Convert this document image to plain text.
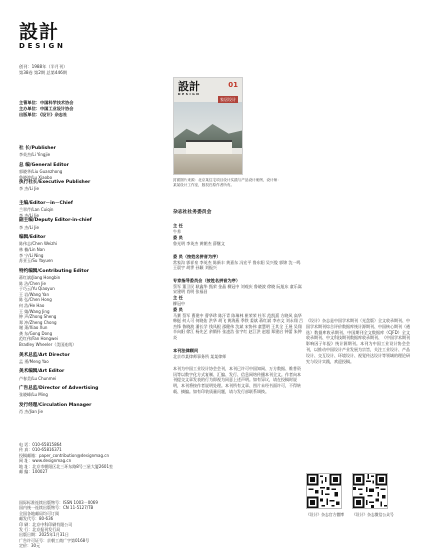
設計
DESIGN
创刊：1988年（半月刊）
第38卷 第2期 总第446期
主管单位：中国科学技术协会
主办单位：中国工业设计协会
出版单位：《设计》杂志社
社 长/Publisher
李英杰/Li Yingjie
总 编/General Editor
郭晓华/Liu Guanzhong
鲁晓波/Lu Xiaobo
执行社长/Executive Publisher
李 杰/Li Jie
主编/Editor－in－Chief
兰翠芹/Lan Cuiqin
李 杰/Li Jie
副主编/Deputy Editor-in-chief
李 杰/Li Jie
编辑/Editor
陈伟志/Chen Weizhi
林 楠/Lin Nan
李 宁/Li Ning
苏亚玉/Su Yayuen
特约编辑/Contributing Editor
蒋红斌/Jiang Hongbin
陈 洁/Chen Jie
于巧云/Yu Qiaoyun
王 岩/Wang Yan
陈 弘/Chen Hong
何 浩/He Hao
王 婧/Wang Jing
钟 声/Zhong Sheng
郑 冲/Zheng Chong
谢 萧/Xiao Xun
龚 东/Gong Dong
范红伟/Fan Hongwei
Bradley Wheeler（美国连线）
美术总监/Art Director
孟 勇/Meng Yao
美术编辑/Art Editor
卢春美/Lu Chunmei
广告总监/Director of Advertising
张晓峰/Lu Ming
发行经理/Circulation Manager
肖 杰/Jian Jie
电 话：010-65815864
传 真：010-65816371
投稿邮箱：paper_contribution@designmag.cn
网 址：www.designmag.cn
地 址：北京市朝阳区北三环东路8号三星大厦2601室
邮 编：100027
国际标准连续出版物号：ISSN 1003－0069
国内统一连续出版物号：CN 11-5127/TB
全国各地邮局均可订阅
邮发代号：80-636
印 刷：北京中科印刷有限公司
发 行：北京报刊发行局
出版日期：2025年1月31日
广告许可证号：京朝工商广字第0168号
定价：30元
設計
DESIGN
01
家居设计
封面图片来源：北京某住宅项目设计实践与产品设计案例，设计师：某某设计工作室，版权归原作者所有。
杂志社社务委员会
主 任
牛养
委 员
鲁光明 李英杰 黄朝杰 薛继文
委 员（按姓名拼音为序）
常家沟 郭祥泉 李英杰 陈新丰 黄嘉东 冯宏平 鲁东阳 吴兴俊 郭锦 沈一鸣 王晨宇 胡霁 孙颖 刘振兴
专家指导委员会（按姓名拼音为序）
蔡军 董卫民 耿鑫华 甄荣 金晶 柳冠中 刘观庆 鲁晓波 徐晓 阮旭东 童乐嵩 宋建明 肖明 张福昌
主 任
柳冠中
委 员
马赛 蔡军 曹建中 曹华珍 陈汗青 陈瑞林 崔荣荣 杜军 范凯熹 方晓风 高华 韩挺 何人可 何晓佑 洪华 胡飞 黄海燕 季铁 姜斌 蒋红斌 李亦文 刘永翔 吕杰锋 鲁晓波 潘长学 钱凤根 邵健伟 沈斌 宋协伟 童慧明 王其全 王展 吴翔 辛向阳 徐江 杨先艺 余隋怀 张凌浩 张宇红 赵江洪 赵超 郑建启 钟蕾 朱钟炎
本刊法律顾问
北京市某律师事务所 某某律师
本刊为中国工业设计协会会刊，本刊已许可中国知网、万方数据、维普资讯等以数字化方式复制、汇编、发行、信息网络传播本刊全文。作者向本刊提交文章发表的行为即视为同意上述声明。如有异议，请在投稿时说明，本刊将按作者说明处理。本刊所有文章、图片未经书面许可，不得转载、摘编。如有印装质量问题，请与发行部联系调换。
《设计》杂志是中国学术期刊（光盘版）全文收录期刊、中国学术期刊综合评价数据库统计源期刊、中国核心期刊（遴选）数据库收录期刊、中国期刊全文数据库（CJFD）全文收录期刊、中文科技期刊数据库收录期刊、《中国学术期刊影响因子年报》统计源期刊。本刊为中国工业设计协会会刊，以推动中国设计产业发展为宗旨，关注工业设计、产品设计、交互设计、环境设计、视觉传达设计等领域的理论研究与设计实践，欢迎投稿。
《设计》杂志官方微博	《设计》杂志微信公众号
